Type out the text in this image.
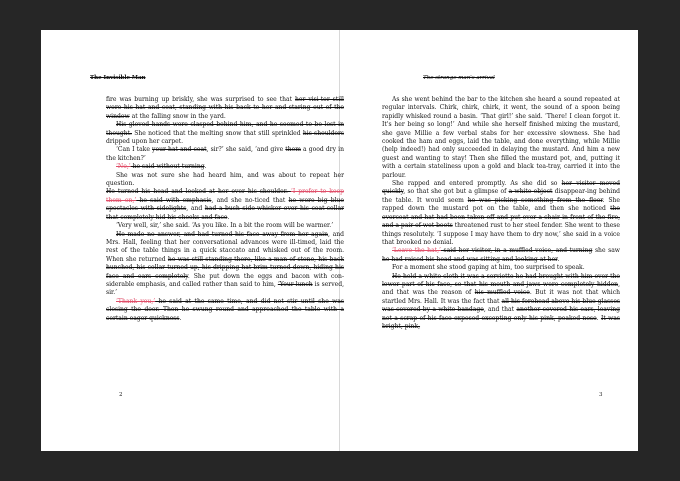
The Invisible Man

fire was burning up briskly, she was surprised to see that her visi-tor still wore his hat and coat, standing with his back to her and staring out of the window at the falling snow in the yard.

His gloved hands were clasped behind him, and he seemed to be lost in thought. She noticed that the melting snow that still sprinkled his shoulders dripped upon her carpet.

‘Can I take your hat and coat, sir?’ she said, ‘and give them a good dry in the kitchen?’

‘No,’ he said without turning.

She was not sure she had heard him, and was about to repeat her question.

He turned his head and looked at her over his shoulder. ‘I prefer to keep them on,’ he said with emphasis, and she no-ticed that he wore big blue spectacles with sidelights, and had a bush side-whisker over his coat-collar that completely hid his cheeks and face.

‘Very well, sir,’ she said. ‘As you like. In a bit the room will be warmer.’

He made no answer, and had turned his face away from her again, and Mrs. Hall, feeling that her conversational advances were ill-timed, laid the rest of the table things in a quick staccato and whisked out of the room. When she returned he was still standing there, like a man of stone, his back hunched, his collar turned up, his dripping hat-brim turned down, hiding his face and ears completely. She put down the eggs and bacon with con-siderable emphasis, and called rather than said to him, ‘Your lunch is served, sir.’

‘Thank you,’ he said at the same time, and did not stir until she was closing the door. Then he swung round and approached the table with a certain eager quickness.

2
The strange man's arrival

As she went behind the bar to the kitchen she heard a sound repeated at regular intervals. Chirk, chirk, chirk, it went, the sound of a spoon being rapidly whisked round a basin. ‘That girl!’ she said. ‘There! I clean forgot it. It's her being so long!’ And while she herself finished mixing the mustard, she gave Millie a few verbal stabs for her excessive slowness. She had cooked the ham and eggs, laid the table, and done everything, while Millie (help indeed!) had only succeeded in delaying the mustard. And him a new guest and wanting to stay! Then she filled the mustard pot, and, putting it with a certain stateliness upon a gold and black tea-tray, carried it into the parlour.

She rapped and entered promptly. As she did so her visitor moved quickly, so that she got but a glimpse of a white object disappear-ing behind the table. It would seem he was picking something from the floor. She rapped down the mustard pot on the table, and then she noticed the overcoat and hat had been taken off and put over a chair in front of the fire, and a pair of wet boots threatened rust to her steel fender. She went to these things resolutely. ‘I suppose I may have them to dry now,’ she said in a voice that brooked no denial.

‘Leave the hat,’ said her visitor, in a muffled voice, and turning she saw he had raised his head and was sitting and looking at her.

For a moment she stood gaping at him, too surprised to speak.

He held a white cloth it was a serviette he had brought with him over the lower part of his face, so that his mouth and jaws were completely hidden, and that was the reason of his muffled voice. But it was not that which startled Mrs. Hall. It was the fact that all his forehead above his blue glasses was covered by a white bandage, and that another covered his ears, leaving not a scrap of his face exposed excepting only his pink, peaked nose. It was bright, pink,

3
